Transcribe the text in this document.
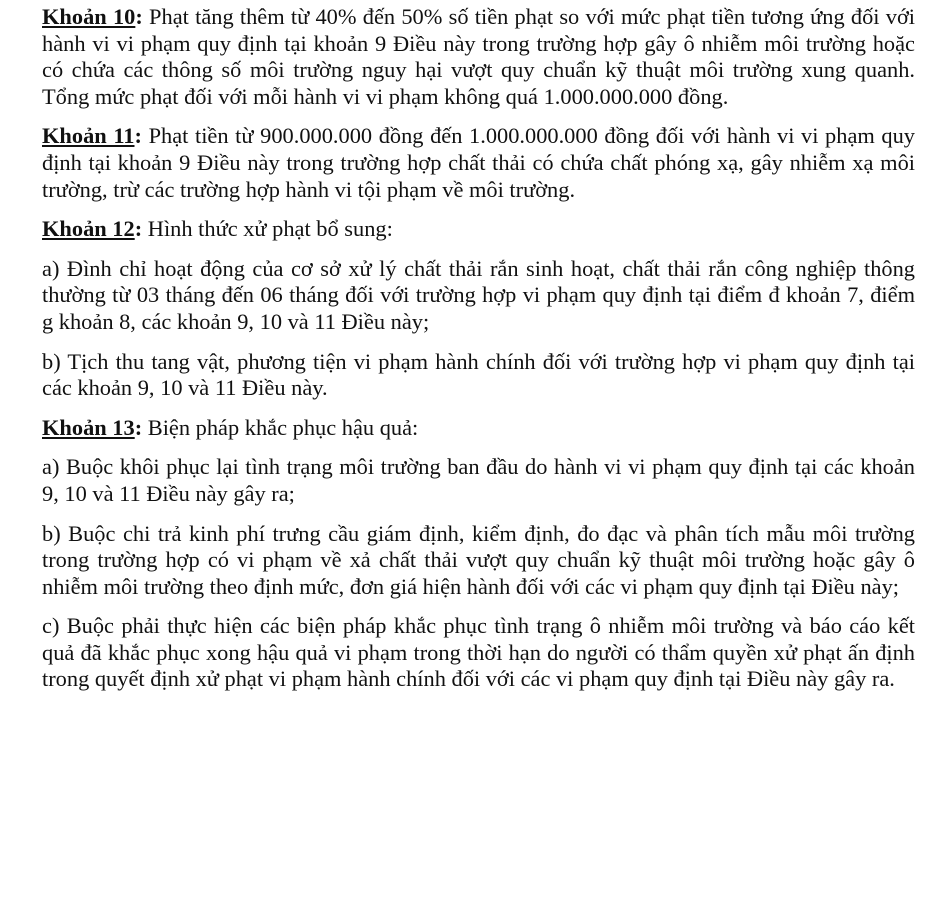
Khoản 10: Phạt tăng thêm từ 40% đến 50% số tiền phạt so với mức phạt tiền tương ứng đối với hành vi vi phạm quy định tại khoản 9 Điều này trong trường hợp gây ô nhiễm môi trường hoặc có chứa các thông số môi trường nguy hại vượt quy chuẩn kỹ thuật môi trường xung quanh. Tổng mức phạt đối với mỗi hành vi vi phạm không quá 1.000.000.000 đồng.

Khoản 11: Phạt tiền từ 900.000.000 đồng đến 1.000.000.000 đồng đối với hành vi vi phạm quy định tại khoản 9 Điều này trong trường hợp chất thải có chứa chất phóng xạ, gây nhiễm xạ môi trường, trừ các trường hợp hành vi tội phạm về môi trường.

Khoản 12: Hình thức xử phạt bổ sung:

a) Đình chỉ hoạt động của cơ sở xử lý chất thải rắn sinh hoạt, chất thải rắn công nghiệp thông thường từ 03 tháng đến 06 tháng đối với trường hợp vi phạm quy định tại điểm đ khoản 7, điểm g khoản 8, các khoản 9, 10 và 11 Điều này;

b) Tịch thu tang vật, phương tiện vi phạm hành chính đối với trường hợp vi phạm quy định tại các khoản 9, 10 và 11 Điều này.

Khoản 13: Biện pháp khắc phục hậu quả:

a) Buộc khôi phục lại tình trạng môi trường ban đầu do hành vi vi phạm quy định tại các khoản 9, 10 và 11 Điều này gây ra;

b) Buộc chi trả kinh phí trưng cầu giám định, kiểm định, đo đạc và phân tích mẫu môi trường trong trường hợp có vi phạm về xả chất thải vượt quy chuẩn kỹ thuật môi trường hoặc gây ô nhiễm môi trường theo định mức, đơn giá hiện hành đối với các vi phạm quy định tại Điều này;

c) Buộc phải thực hiện các biện pháp khắc phục tình trạng ô nhiễm môi trường và báo cáo kết quả đã khắc phục xong hậu quả vi phạm trong thời hạn do người có thẩm quyền xử phạt ấn định trong quyết định xử phạt vi phạm hành chính đối với các vi phạm quy định tại Điều này gây ra.
